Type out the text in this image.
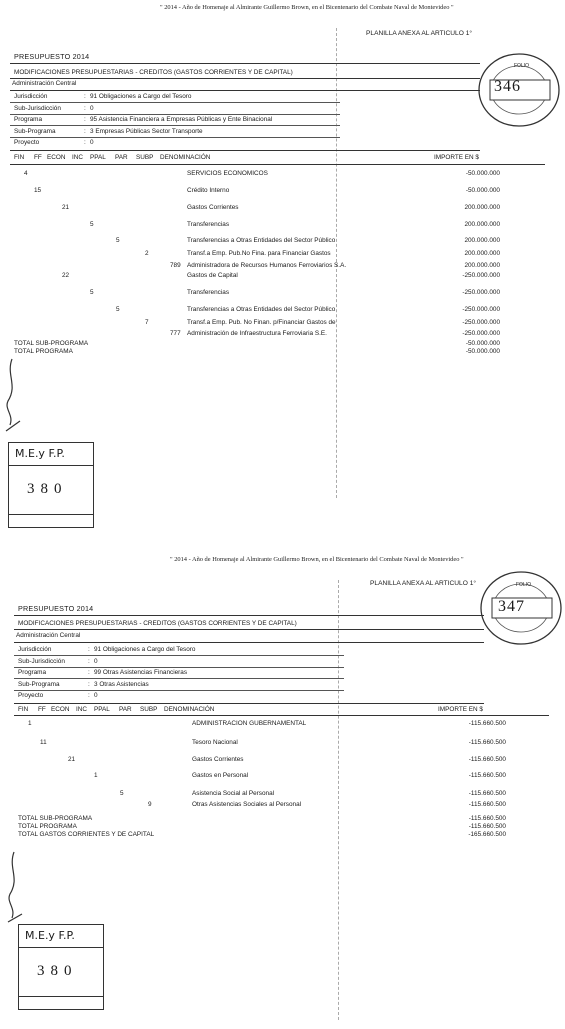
" 2014 - Año de Homenaje al Almirante Guillermo Brown, en el Bicentenario del Combate Naval de Montevideo "
PLANILLA ANEXA AL ARTICULO 1°
PRESUPUESTO 2014
MODIFICACIONES PRESUPUESTARIAS - CREDITOS (GASTOS CORRIENTES Y DE CAPITAL)
Administración Central
FOLIO
346
Jurisdicción	: 91 Obligaciones a Cargo del Tesoro
Sub-Jurisdicción	: 0
Programa	: 95 Asistencia Financiera a Empresas Públicas y Ente Binacional
Sub-Programa	: 3 Empresas Públicas Sector Transporte
Proyecto	: 0
FIN FF ECON INC PPAL PAR SUBP DENOMINACIÓN	IMPORTE EN $
4	SERVICIOS ECONOMICOS	-50.000.000
15	Crédito Interno	-50.000.000
21	Gastos Corrientes	200.000.000
5	Transferencias	200.000.000
5	Transferencias a Otras Entidades del Sector Público	200.000.000
2	Transf.a Emp. Pub.No Fina. para Financiar Gastos	200.000.000
789 Administradora de Recursos Humanos Ferroviarios S.A.	200.000.000
22	Gastos de Capital	-250.000.000
5	Transferencias	-250.000.000
5	Transferencias a Otras Entidades del Sector Público	-250.000.000
7	Transf.a Emp. Pub. No Finan. p/Financiar Gastos de	-250.000.000
777 Administración de Infraestructura Ferroviaria S.E.	-250.000.000
TOTAL SUB-PROGRAMA	-50.000.000
TOTAL PROGRAMA	-50.000.000
M.E.y F.P.
380
" 2014 - Año de Homenaje al Almirante Guillermo Brown, en el Bicentenario del Combate Naval de Montevideo "
PLANILLA ANEXA AL ARTICULO 1°
PRESUPUESTO 2014
MODIFICACIONES PRESUPUESTARIAS - CREDITOS (GASTOS CORRIENTES Y DE CAPITAL)
Administración Central
FOLIO
347
Jurisdicción	: 91 Obligaciones a Cargo del Tesoro
Sub-Jurisdicción	: 0
Programa	: 99 Otras Asistencias Financieras
Sub-Programa	: 3 Otras Asistencias
Proyecto	: 0
FIN FF ECON INC PPAL PAR SUBP DENOMINACIÓN	IMPORTE EN $
1	ADMINISTRACION GUBERNAMENTAL	-115.660.500
11	Tesoro Nacional	-115.660.500
21	Gastos Corrientes	-115.660.500
1	Gastos en Personal	-115.660.500
5	Asistencia Social al Personal	-115.660.500
9	Otras Asistencias Sociales al Personal	-115.660.500
TOTAL SUB-PROGRAMA	-115.660.500
TOTAL PROGRAMA	-115.660.500
TOTAL GASTOS CORRIENTES Y DE CAPITAL	-165.660.500
M.E.y F.P.
380
